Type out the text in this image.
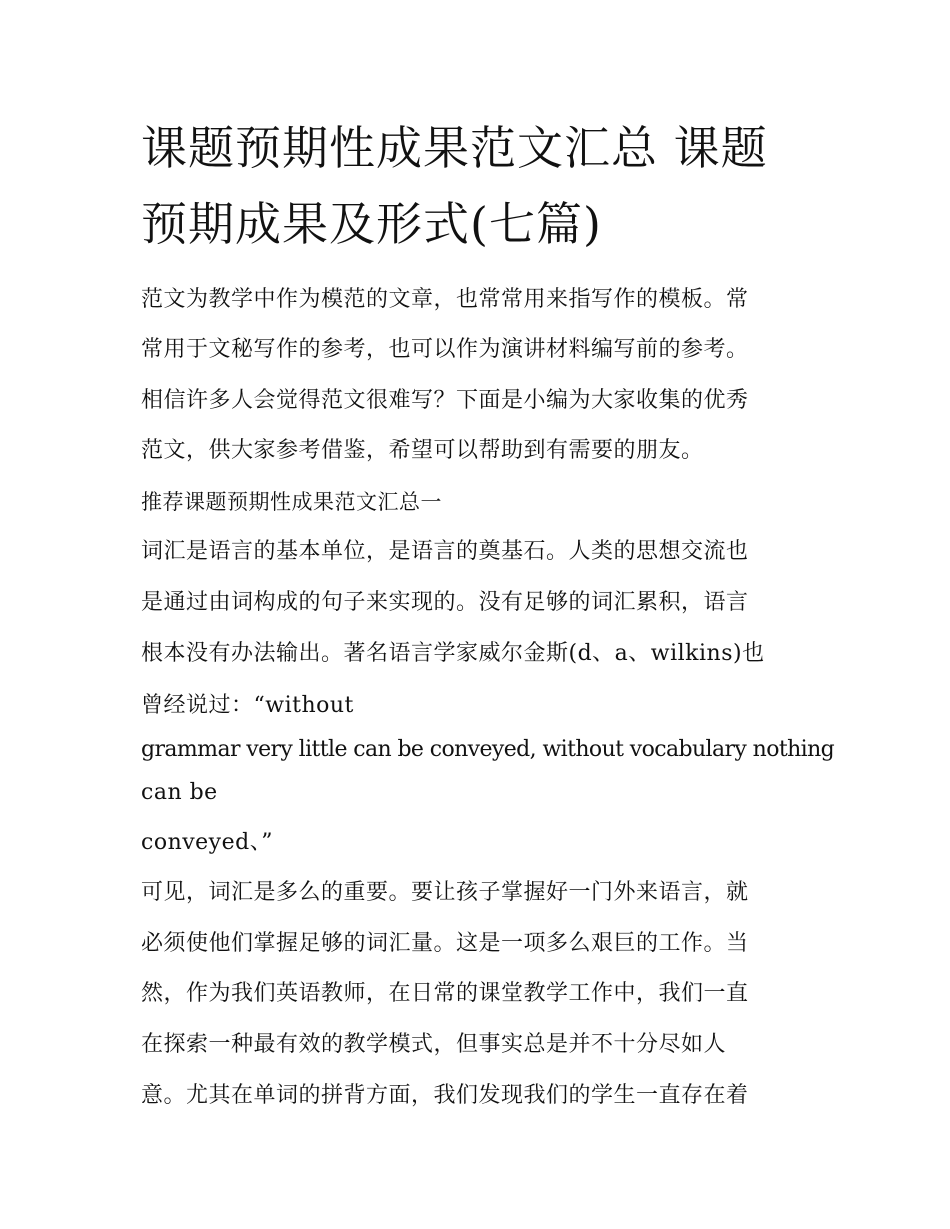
课题预期性成果范文汇总 课题
预期成果及形式(七篇)
范文为教学中作为模范的文章，也常常用来指写作的模板。常
常用于文秘写作的参考，也可以作为演讲材料编写前的参考。
相信许多人会觉得范文很难写？下面是小编为大家收集的优秀
范文，供大家参考借鉴，希望可以帮助到有需要的朋友。
推荐课题预期性成果范文汇总一
词汇是语言的基本单位，是语言的奠基石。人类的思想交流也
是通过由词构成的句子来实现的。没有足够的词汇累积，语言
根本没有办法输出。著名语言学家威尔金斯(d、a、wilkins)也
曾经说过：“without
grammar very little can be conveyed, without vocabulary nothing
can be
conveyed、”
可见，词汇是多么的重要。要让孩子掌握好一门外来语言，就
必须使他们掌握足够的词汇量。这是一项多么艰巨的工作。当
然，作为我们英语教师，在日常的课堂教学工作中，我们一直
在探索一种最有效的教学模式，但事实总是并不十分尽如人
意。尤其在单词的拼背方面，我们发现我们的学生一直存在着
